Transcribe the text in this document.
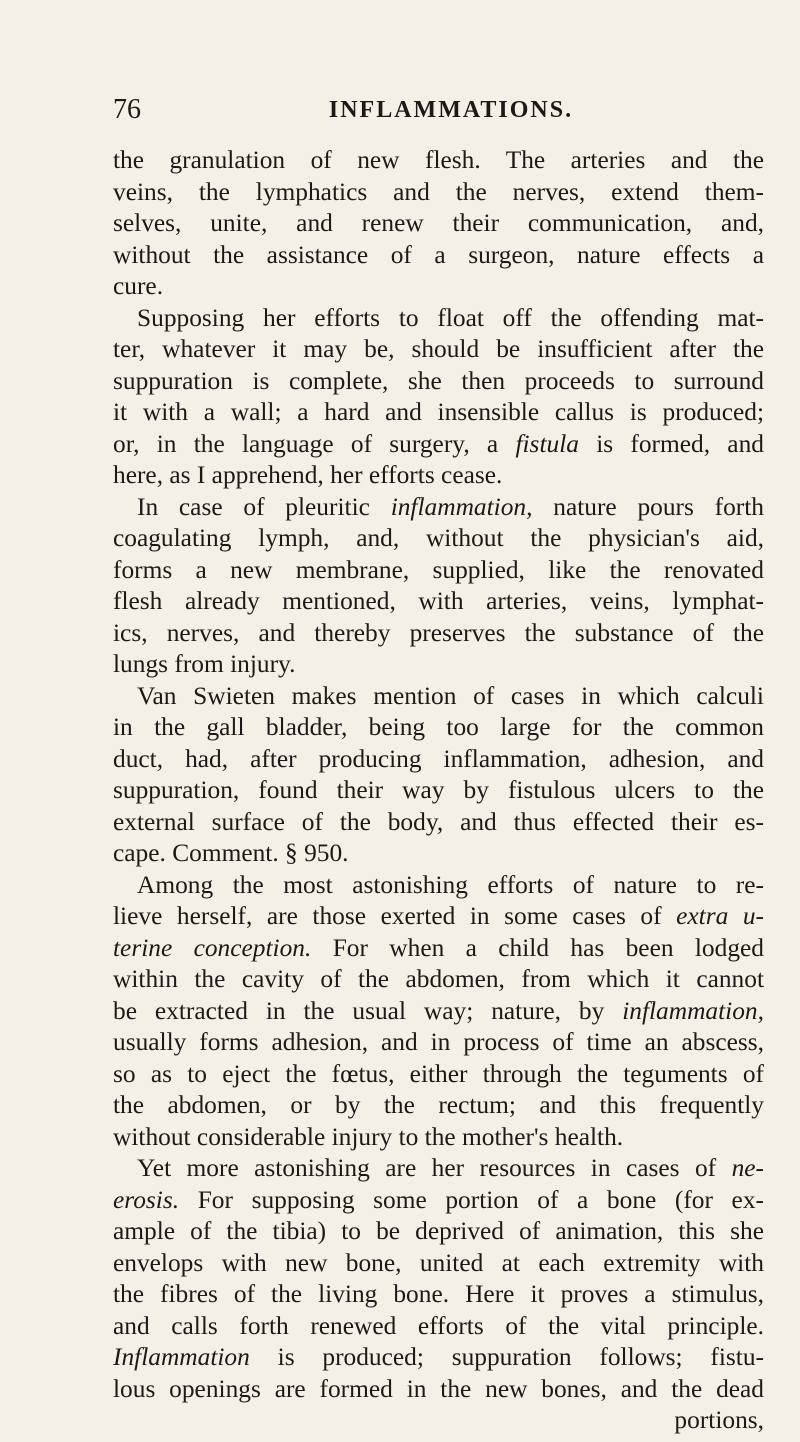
76	INFLAMMATIONS.
the granulation of new flesh. The arteries and the
veins, the lymphatics and the nerves, extend them-
selves, unite, and renew their communication, and,
without the assistance of a surgeon, nature effects a
cure.
Supposing her efforts to float off the offending mat-
ter, whatever it may be, should be insufficient after the
suppuration is complete, she then proceeds to surround
it with a wall; a hard and insensible callus is produced;
or, in the language of surgery, a fistula is formed, and
here, as I apprehend, her efforts cease.
In case of pleuritic inflammation, nature pours forth
coagulating lymph, and, without the physician's aid,
forms a new membrane, supplied, like the renovated
flesh already mentioned, with arteries, veins, lymphat-
ics, nerves, and thereby preserves the substance of the
lungs from injury.
Van Swieten makes mention of cases in which calculi
in the gall bladder, being too large for the common
duct, had, after producing inflammation, adhesion, and
suppuration, found their way by fistulous ulcers to the
external surface of the body, and thus effected their es-
cape. Comment. § 950.
Among the most astonishing efforts of nature to re-
lieve herself, are those exerted in some cases of extra u-
terine conception. For when a child has been lodged
within the cavity of the abdomen, from which it cannot
be extracted in the usual way; nature, by inflammation,
usually forms adhesion, and in process of time an abscess,
so as to eject the fœtus, either through the teguments of
the abdomen, or by the rectum; and this frequently
without considerable injury to the mother's health.
Yet more astonishing are her resources in cases of ne-
erosis. For supposing some portion of a bone (for ex-
ample of the tibia) to be deprived of animation, this she
envelops with new bone, united at each extremity with
the fibres of the living bone. Here it proves a stimulus,
and calls forth renewed efforts of the vital principle.
Inflammation is produced; suppuration follows; fistu-
lous openings are formed in the new bones, and the dead
portions,
